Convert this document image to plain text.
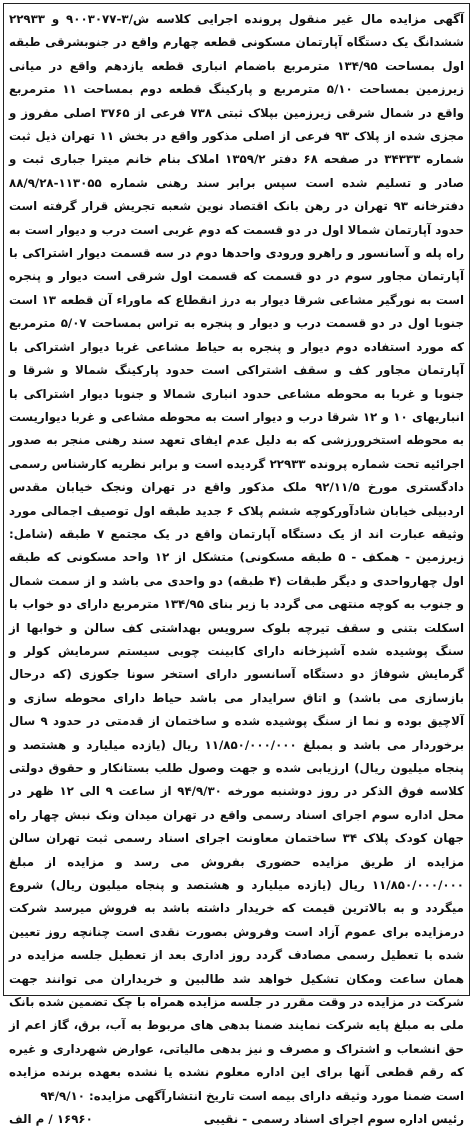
آگهی مزایده مال غیر منقول پرونده اجرایی کلاسه ش/۳-۹۰۰۳۰۷۷ و ۲۲۹۳۳ ششدانگ یک دستگاه آپارتمان مسکونی قطعه چهارم واقع در جنوبشرقی طبقه اول بمساحت ۱۳۴/۹۵ مترمربع باضمام انباری قطعه یازدهم واقع در میانی زیرزمین بمساحت ۵/۱۰ مترمربع و پارکینگ قطعه دوم بمساحت ۱۱ مترمربع واقع در شمال شرقی زیرزمین بپلاک ثبتی ۷۳۸ فرعی از ۳۷۶۵ اصلی مفروز و مجزی شده از پلاک ۹۳ فرعی از اصلی مذکور واقع در بخش ۱۱ تهران ذیل ثبت شماره ۳۴۳۳۳ در صفحه ۶۸ دفتر ۱۳۵۹/۲ املاک بنام خانم میترا جباری ثبت و صادر و تسلیم شده است سپس برابر سند رهنی شماره ۱۱۳۰۵۵-۸۸/۹/۲۸ دفترخانه ۹۳ تهران در رهن بانک اقتصاد نوین شعبه تجریش قرار گرفته است حدود آپارتمان شمالا اول در دو قسمت که دوم غربی است درب و دیوار است به راه پله و آسانسور و راهرو ورودی واحدها دوم در سه قسمت دیوار اشتراکی با آپارتمان مجاور سوم در دو قسمت که قسمت اول شرقی است دیوار و پنجره است به نورگیر مشاعی شرقا دیوار به درز انقطاع که ماوراء آن قطعه ۱۳ است جنوبا اول در دو قسمت درب و دیوار و پنجره به تراس بمساحت ۵/۰۷ مترمربع که مورد استفاده دوم دیوار و پنجره به حیاط مشاعی غربا دیوار اشتراکی با آپارتمان مجاور کف و سقف اشتراکی است حدود پارکینگ شمالا و شرقا و جنوبا و غربا به محوطه مشاعی حدود انباری شمالا و جنوبا دیوار اشتراکی با انباریهای ۱۰ و ۱۲ شرقا درب و دیوار است به محوطه مشاعی و غربا دیواریست به محوطه استخرورزشی که به دلیل عدم ایفای تعهد سند رهنی منجر به صدور اجرائیه تحت شماره پرونده ۲۲۹۳۳ گردیده است و برابر نظریه کارشناس رسمی دادگستری مورخ ۹۲/۱۱/۵ ملک مذکور واقع در تهران ونجک خیابان مقدس اردبیلی خیابان شادآورکوچه ششم پلاک ۶ جدید طبقه اول توصیف اجمالی مورد وثیقه عبارت اند از یک دستگاه آپارتمان واقع در یک مجتمع ۷ طبقه (شامل: زیرزمین - همکف - ۵ طبقه مسکونی) متشکل از ۱۲ واحد مسکونی که طبقه اول چهارواحدی و دیگر طبقات (۴ طبقه) دو واحدی می باشد و از سمت شمال و جنوب به کوچه منتهی می گردد با زیر بنای ۱۳۴/۹۵ مترمربع دارای دو خواب با اسکلت بتنی و سقف تیرچه بلوک سرویس بهداشتی کف سالن و خوابها از سنگ پوشیده شده آشپزخانه دارای کابینت چوبی سیستم سرمایش کولر و گرمایش شوفاژ دو دستگاه آسانسور دارای استخر سونا جکوزی (که درحال بازسازی می باشد) و اتاق سرایدار می باشد حیاط دارای محوطه سازی و آلاچیق بوده و نما از سنگ پوشیده شده و ساختمان از قدمتی در حدود ۹ سال برخوردار می باشد و بمبلغ ۱۱/۸۵۰/۰۰۰/۰۰۰ ریال (یازده میلیارد و هشتصد و پنجاه میلیون ریال) ارزیابی شده و جهت وصول طلب بستانکار و حقوق دولتی کلاسه فوق الذکر در روز دوشنبه مورخه ۹۴/۹/۳۰ از ساعت ۹ الی ۱۲ ظهر در محل اداره سوم اجرای اسناد رسمی واقع در تهران میدان ونک نبش چهار راه جهان کودک پلاک ۳۴ ساختمان معاونت اجرای اسناد رسمی ثبت تهران سالن مزایده از طریق مزایده حضوری بفروش می رسد و مزایده از مبلغ ۱۱/۸۵۰/۰۰۰/۰۰۰ ریال (یازده میلیارد و هشتصد و پنجاه میلیون ریال) شروع میگردد و به بالاترین قیمت که خریدار داشته باشد به فروش میرسد شرکت درمزایده برای عموم آزاد است وفروش بصورت نقدی است چنانچه روز تعیین شده با تعطیل رسمی مصادف گردد روز اداری بعد از تعطیل جلسه مزایده در همان ساعت ومکان تشکیل خواهد شد طالبین و خریداران می توانند جهت شرکت در مزایده در وقت مقرر در جلسه مزایده همراه با چک تضمین شده بانک ملی به مبلغ پایه شرکت نمایند ضمنا بدهی های مربوط به آب، برق، گاز اعم از حق انشعاب و اشتراک و مصرف و نیز بدهی مالیاتی، عوارض شهرداری و غیره که رقم قطعی آنها برای این اداره معلوم نشده یا نشده بعهده برنده مزایده است ضمنا مورد وثیقه دارای بیمه است تاریخ انتشارآگهی مزایده: ۹۴/۹/۱۰

رئیس اداره سوم اجرای اسناد رسمی - نقیبی
۱۶۹۶۰ / م الف
